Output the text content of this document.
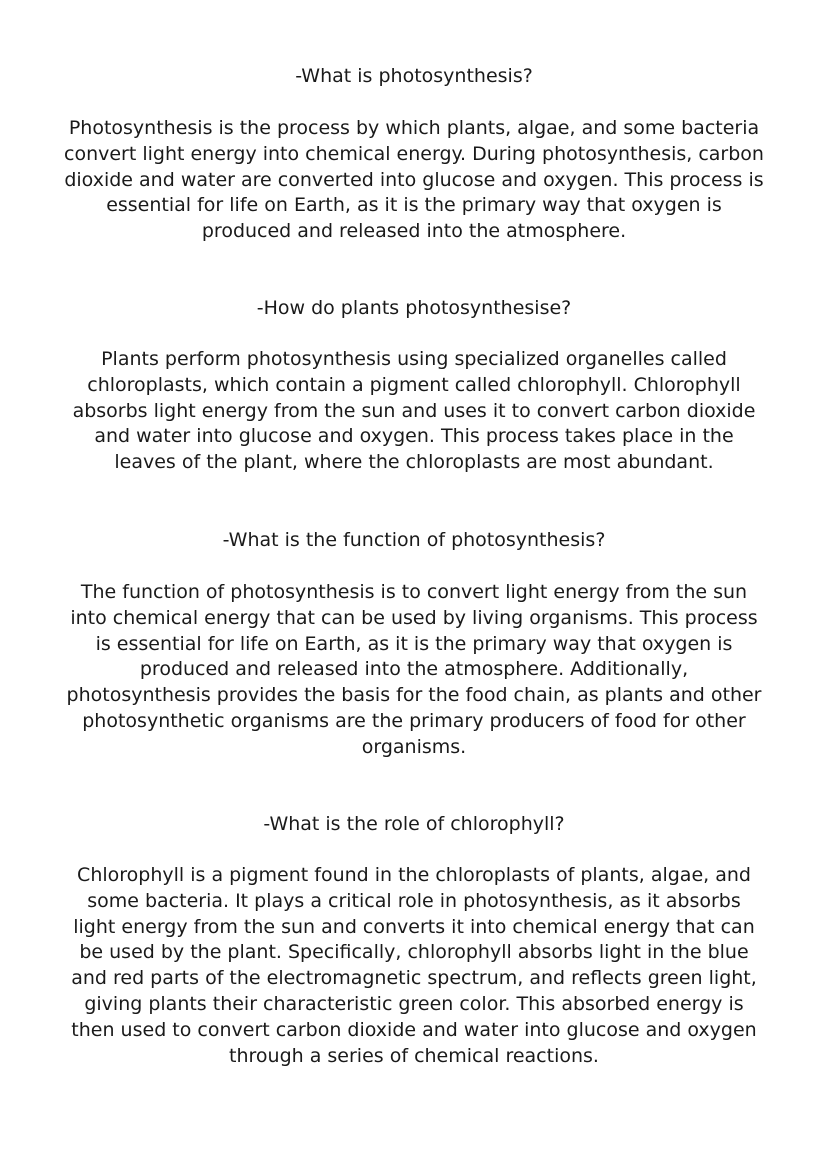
-What is photosynthesis?

Photosynthesis is the process by which plants, algae, and some bacteria
convert light energy into chemical energy. During photosynthesis, carbon
dioxide and water are converted into glucose and oxygen. This process is
essential for life on Earth, as it is the primary way that oxygen is
produced and released into the atmosphere.

-How do plants photosynthesise?

Plants perform photosynthesis using specialized organelles called
chloroplasts, which contain a pigment called chlorophyll. Chlorophyll
absorbs light energy from the sun and uses it to convert carbon dioxide
and water into glucose and oxygen. This process takes place in the
leaves of the plant, where the chloroplasts are most abundant.

-What is the function of photosynthesis?

The function of photosynthesis is to convert light energy from the sun
into chemical energy that can be used by living organisms. This process
is essential for life on Earth, as it is the primary way that oxygen is
produced and released into the atmosphere. Additionally,
photosynthesis provides the basis for the food chain, as plants and other
photosynthetic organisms are the primary producers of food for other
organisms.

-What is the role of chlorophyll?

Chlorophyll is a pigment found in the chloroplasts of plants, algae, and
some bacteria. It plays a critical role in photosynthesis, as it absorbs
light energy from the sun and converts it into chemical energy that can
be used by the plant. Specifically, chlorophyll absorbs light in the blue
and red parts of the electromagnetic spectrum, and reflects green light,
giving plants their characteristic green color. This absorbed energy is
then used to convert carbon dioxide and water into glucose and oxygen
through a series of chemical reactions.
